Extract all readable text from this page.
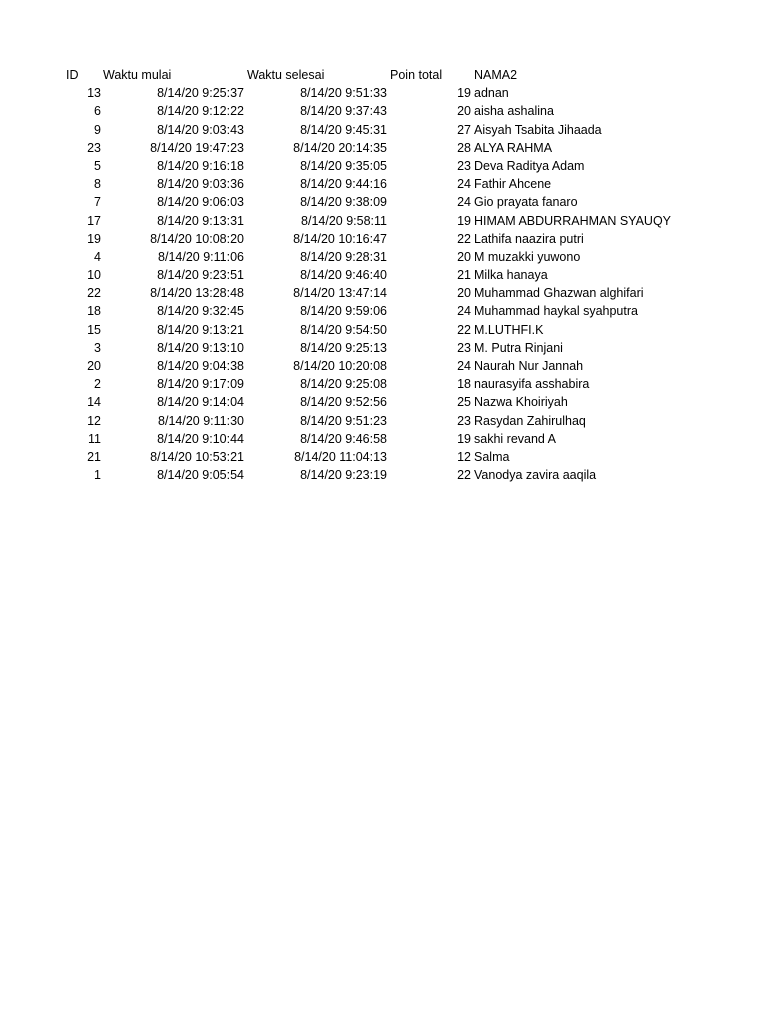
ID Waktu mulai	Waktu selesai	Poin total	NAMA2
13	8/14/20 9:25:37	8/14/20 9:51:33	19 adnan
6	8/14/20 9:12:22	8/14/20 9:37:43	20 aisha ashalina
9	8/14/20 9:03:43	8/14/20 9:45:31	27 Aisyah Tsabita Jihaada
23	8/14/20 19:47:23	8/14/20 20:14:35	28 ALYA RAHMA
5	8/14/20 9:16:18	8/14/20 9:35:05	23 Deva Raditya Adam
8	8/14/20 9:03:36	8/14/20 9:44:16	24 Fathir Ahcene
7	8/14/20 9:06:03	8/14/20 9:38:09	24 Gio prayata fanaro
17	8/14/20 9:13:31	8/14/20 9:58:11	19 HIMAM ABDURRAHMAN SYAUQY
19	8/14/20 10:08:20	8/14/20 10:16:47	22 Lathifa naazira putri
4	8/14/20 9:11:06	8/14/20 9:28:31	20 M muzakki yuwono
10	8/14/20 9:23:51	8/14/20 9:46:40	21 Milka hanaya
22	8/14/20 13:28:48	8/14/20 13:47:14	20 Muhammad Ghazwan alghifari
18	8/14/20 9:32:45	8/14/20 9:59:06	24 Muhammad haykal syahputra
15	8/14/20 9:13:21	8/14/20 9:54:50	22 M.LUTHFI.K
3	8/14/20 9:13:10	8/14/20 9:25:13	23 M. Putra Rinjani
20	8/14/20 9:04:38	8/14/20 10:20:08	24 Naurah Nur Jannah
2	8/14/20 9:17:09	8/14/20 9:25:08	18 naurasyifa asshabira
14	8/14/20 9:14:04	8/14/20 9:52:56	25 Nazwa Khoiriyah
12	8/14/20 9:11:30	8/14/20 9:51:23	23 Rasydan Zahirulhaq
11	8/14/20 9:10:44	8/14/20 9:46:58	19 sakhi revand A
21	8/14/20 10:53:21	8/14/20 11:04:13	12 Salma
1	8/14/20 9:05:54	8/14/20 9:23:19	22 Vanodya zavira aaqila
